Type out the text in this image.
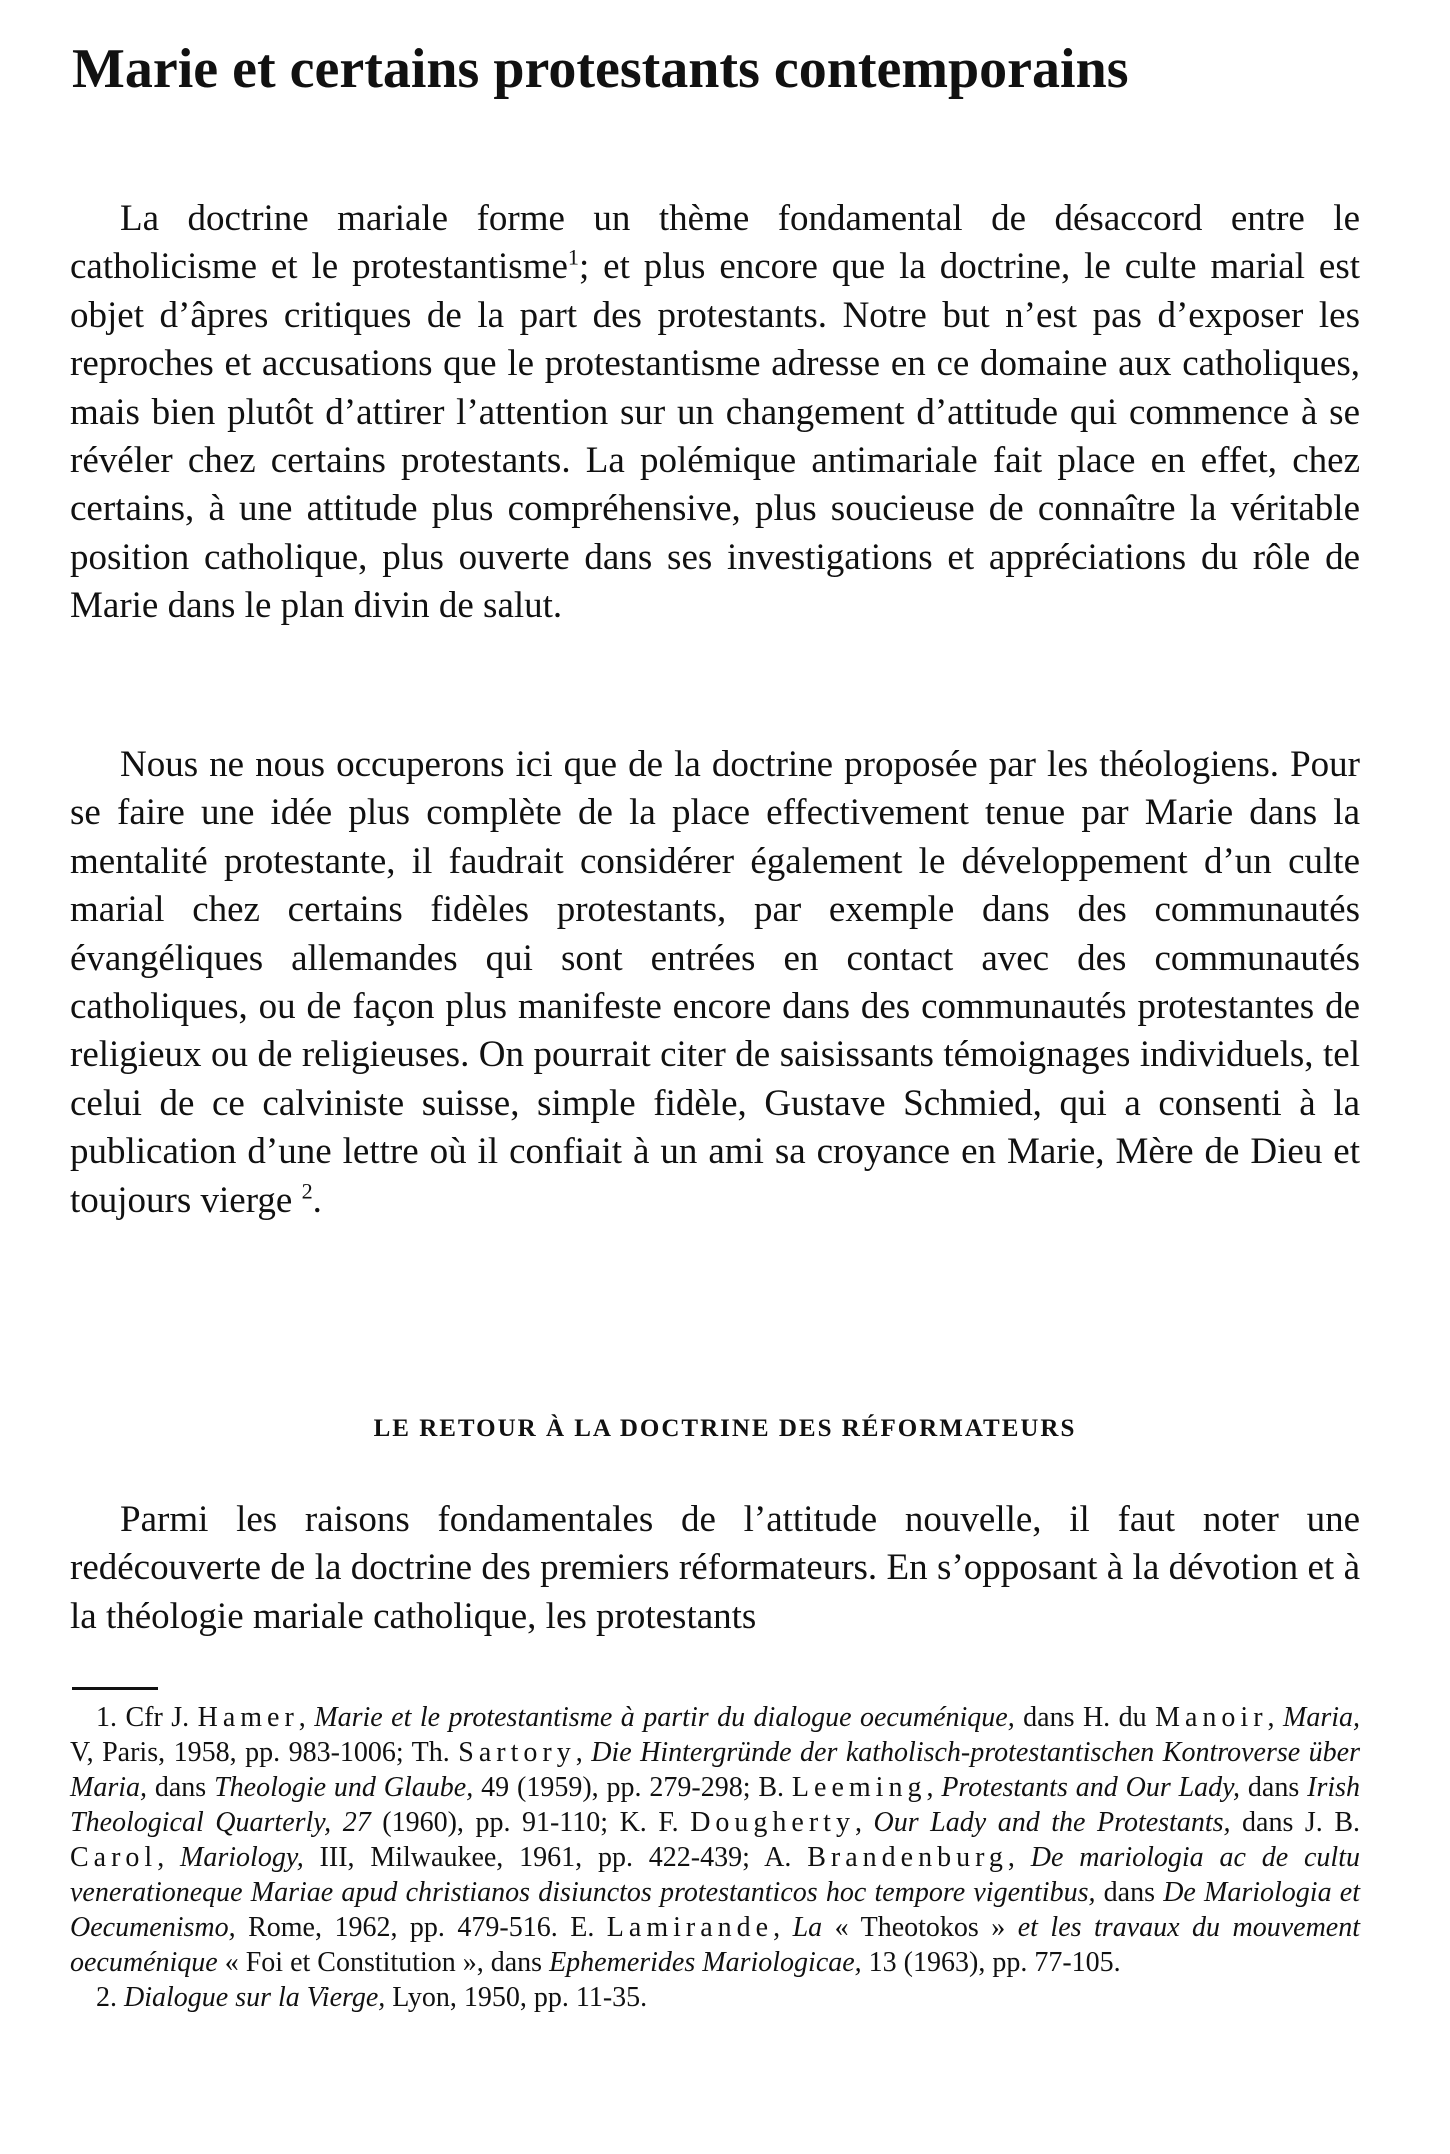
Marie et certains protestants contemporains

La doctrine mariale forme un thème fondamental de désaccord entre le catholicisme et le protestantisme$^1$; et plus encore que la doctrine, le culte marial est objet d’âpres critiques de la part des protestants. Notre but n’est pas d’exposer les reproches et accusations que le protestantisme adresse en ce domaine aux catholiques, mais bien plutôt d’attirer l’attention sur un changement d’attitude qui commence à se révéler chez certains protestants. La polémique antimariale fait place en effet, chez certains, à une attitude plus compréhensive, plus soucieuse de connaître la véritable position catholique, plus ouverte dans ses investigations et appréciations du rôle de Marie dans le plan divin de salut.

Nous ne nous occuperons ici que de la doctrine proposée par les théologiens. Pour se faire une idée plus complète de la place effectivement tenue par Marie dans la mentalité protestante, il faudrait considérer également le développement d’un culte marial chez certains fidèles protestants, par exemple dans des communautés évangéliques allemandes qui sont entrées en contact avec des communautés catholiques, ou de façon plus manifeste encore dans des communautés protestantes de religieux ou de religieuses. On pourrait citer de saisissants témoignages individuels, tel celui de ce calviniste suisse, simple fidèle, Gustave Schmied, qui a consenti à la publication d’une lettre où il confiait à un ami sa croyance en Marie, Mère de Dieu et toujours vierge $^2$.

LE RETOUR À LA DOCTRINE DES RÉFORMATEURS

Parmi les raisons fondamentales de l’attitude nouvelle, il faut noter une redécouverte de la doctrine des premiers réformateurs. En s’opposant à la dévotion et à la théologie mariale catholique, les protestants

1. Cfr J. Hamer, Marie et le protestantisme à partir du dialogue oecuménique, dans H. du Manoir, Maria, V, Paris, 1958, pp. 983-1006; Th. Sartory, Die Hintergründe der katholisch-protestantischen Kontroverse über Maria, dans Theologie und Glaube, 49 (1959), pp. 279-298; B. Leeming, Protestants and Our Lady, dans Irish Theological Quarterly, 27 (1960), pp. 91-110; K. F. Dougherty, Our Lady and the Protestants, dans J. B. Carol, Mariology, III, Milwaukee, 1961, pp. 422-439; A. Brandenburg, De mariologia ac de cultu venerationeque Mariae apud christianos disiunctos protestanticos hoc tempore vigentibus, dans De Mariologia et Oecumenismo, Rome, 1962, pp. 479-516. E. Lamirande, La « Theotokos » et les travaux du mouvement oecuménique « Foi et Constitution », dans Ephemerides Mariologicae, 13 (1963), pp. 77-105.

2. Dialogue sur la Vierge, Lyon, 1950, pp. 11-35.
